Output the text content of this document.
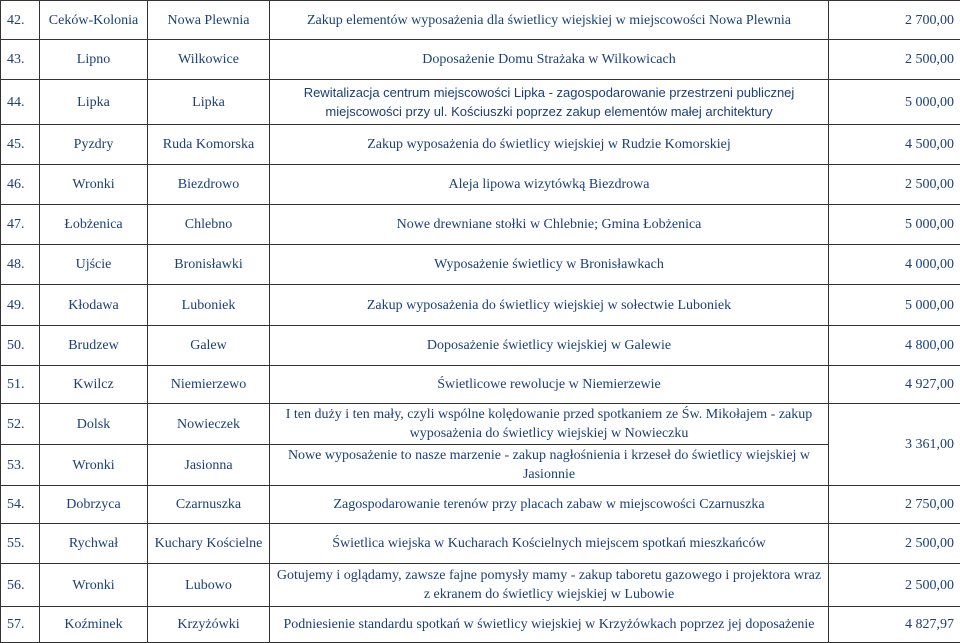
42.	Ceków-Kolonia	Nowa Plewnia	Zakup elementów wyposażenia dla świetlicy wiejskiej w miejscowości Nowa Plewnia	2 700,00
43.	Lipno	Wilkowice	Doposażenie Domu Strażaka w Wilkowicach	2 500,00
44.	Lipka	Lipka	Rewitalizacja centrum miejscowości Lipka - zagospodarowanie przestrzeni publicznej miejscowości przy ul. Kościuszki poprzez zakup elementów małej architektury	5 000,00
45.	Pyzdry	Ruda Komorska	Zakup wyposażenia do świetlicy wiejskiej w Rudzie Komorskiej	4 500,00
46.	Wronki	Biezdrowo	Aleja lipowa wizytówką Biezdrowa	2 500,00
47.	Łobżenica	Chlebno	Nowe drewniane stołki w Chlebnie; Gmina Łobżenica	5 000,00
48.	Ujście	Bronisławki	Wyposażenie świetlicy w Bronisławkach	4 000,00
49.	Kłodawa	Luboniek	Zakup wyposażenia do świetlicy wiejskiej w sołectwie Luboniek	5 000,00
50.	Brudzew	Galew	Doposażenie świetlicy wiejskiej w Galewie	4 800,00
51.	Kwilcz	Niemierzewo	Świetlicowe rewolucje w Niemierzewie	4 927,00
52.	Dolsk	Nowieczek	I ten duży i ten mały, czyli wspólne kolędowanie przed spotkaniem ze Św. Mikołajem - zakup wyposażenia do świetlicy wiejskiej w Nowieczku	3 361,00
53.	Wronki	Jasionna	Nowe wyposażenie to nasze marzenie - zakup nagłośnienia i krzeseł do świetlicy wiejskiej w Jasionnie	
54.	Dobrzyca	Czarnuszka	Zagospodarowanie terenów przy placach zabaw w miejscowości Czarnuszka	2 750,00
55.	Rychwał	Kuchary Kościelne	Świetlica wiejska w Kucharach Kościelnych miejscem spotkań mieszkańców	2 500,00
56.	Wronki	Lubowo	Gotujemy i oglądamy, zawsze fajne pomysły mamy - zakup taboretu gazowego i projektora wraz z ekranem do świetlicy wiejskiej w Lubowie	2 500,00
57.	Koźminek	Krzyżówki	Podniesienie standardu spotkań w świetlicy wiejskiej w Krzyżówkach poprzez jej doposażenie	4 827,97
